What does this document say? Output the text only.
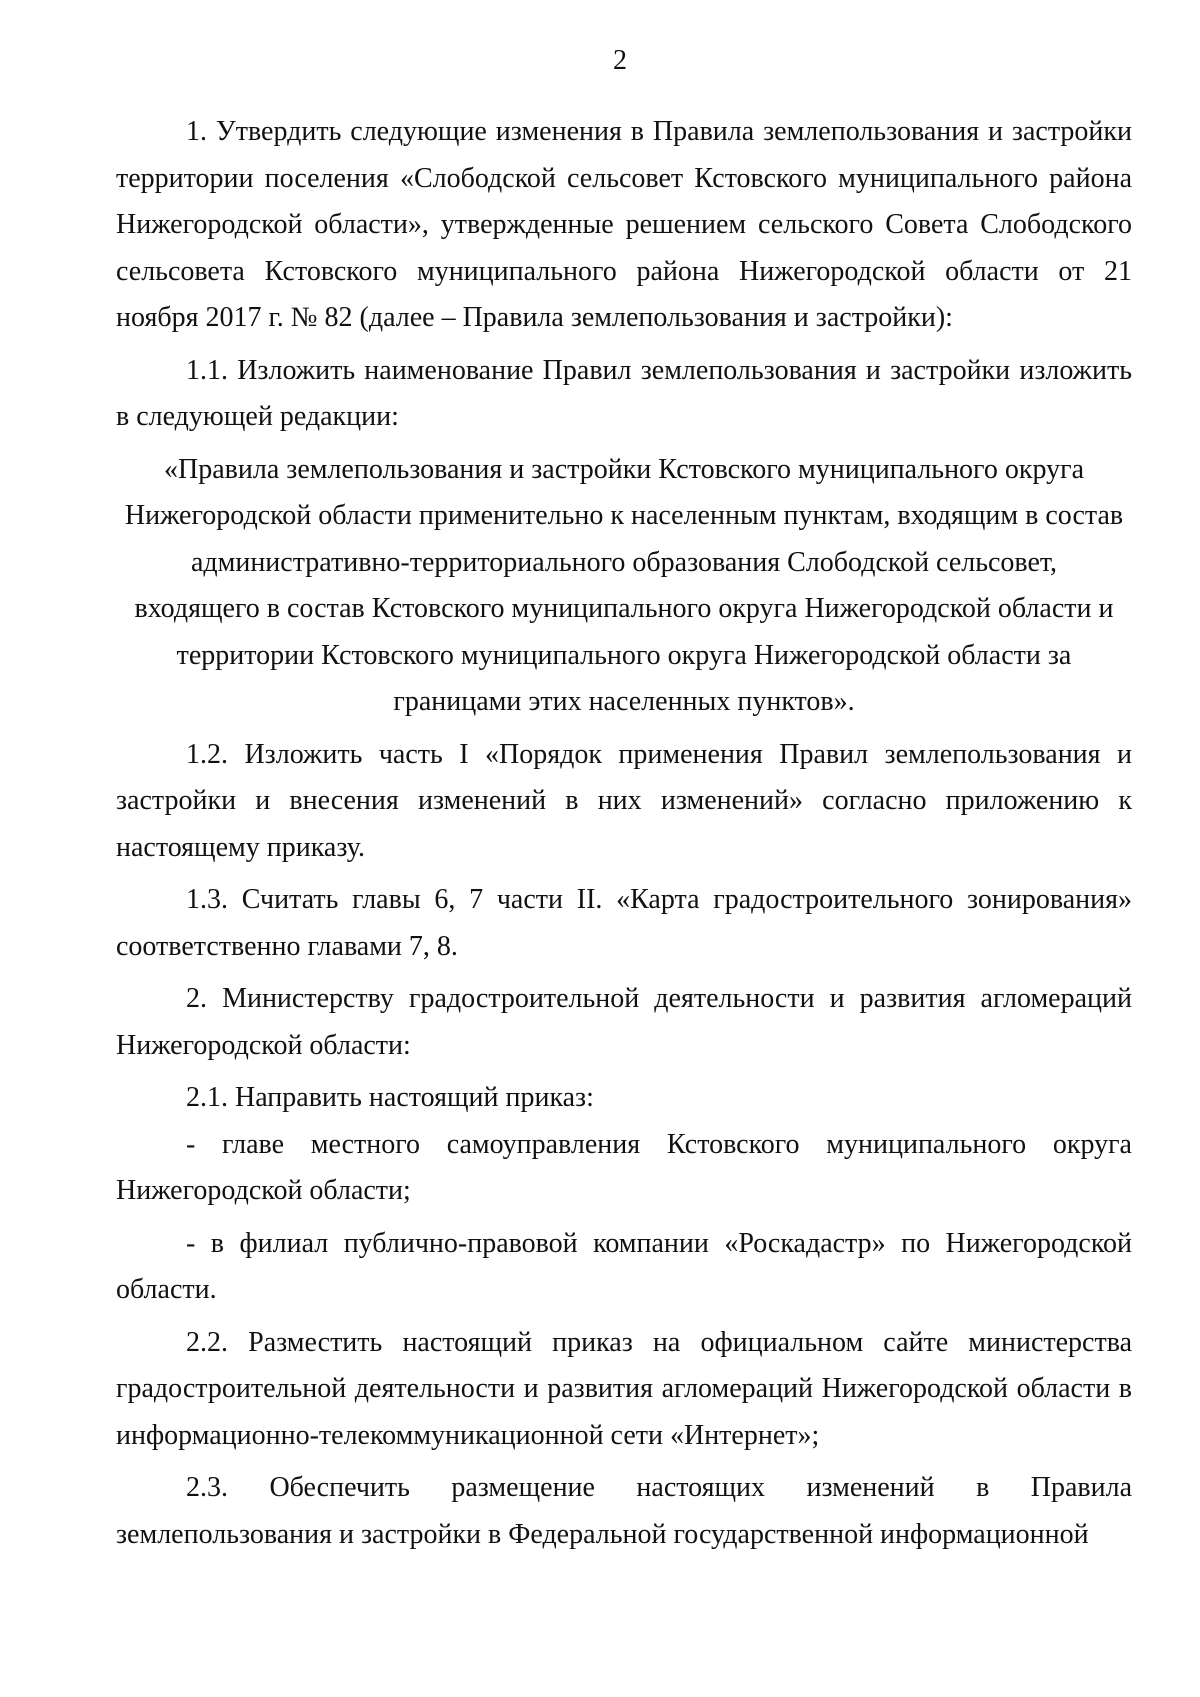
2

1. Утвердить следующие изменения в Правила землепользования и застройки территории поселения «Слободской сельсовет Кстовского муниципального района Нижегородской области», утвержденные решением сельского Совета Слободского сельсовета Кстовского муниципального района Нижегородской области от 21 ноября 2017 г. № 82 (далее – Правила землепользования и застройки):

1.1. Изложить наименование Правил землепользования и застройки изложить в следующей редакции:

«Правила землепользования и застройки Кстовского муниципального округа

Нижегородской области применительно к населенным пунктам, входящим в состав

административно-территориального образования Слободской сельсовет,

входящего в состав Кстовского муниципального округа Нижегородской области и

территории Кстовского муниципального округа Нижегородской области за

границами этих населенных пунктов».

1.2. Изложить часть I «Порядок применения Правил землепользования и застройки и внесения изменений в них изменений» согласно приложению к настоящему приказу.

1.3. Считать главы 6, 7 части II. «Карта градостроительного зонирования» соответственно главами 7, 8.

2. Министерству градостроительной деятельности и развития агломераций Нижегородской области:

2.1. Направить настоящий приказ:

- главе местного самоуправления Кстовского муниципального округа Нижегородской области;

- в филиал публично-правовой компании «Роскадастр» по Нижегородской области.

2.2. Разместить настоящий приказ на официальном сайте министерства градостроительной деятельности и развития агломераций Нижегородской области в информационно-телекоммуникационной сети «Интернет»;

2.3. Обеспечить размещение настоящих изменений в Правила землепользования и застройки в Федеральной государственной информационной
